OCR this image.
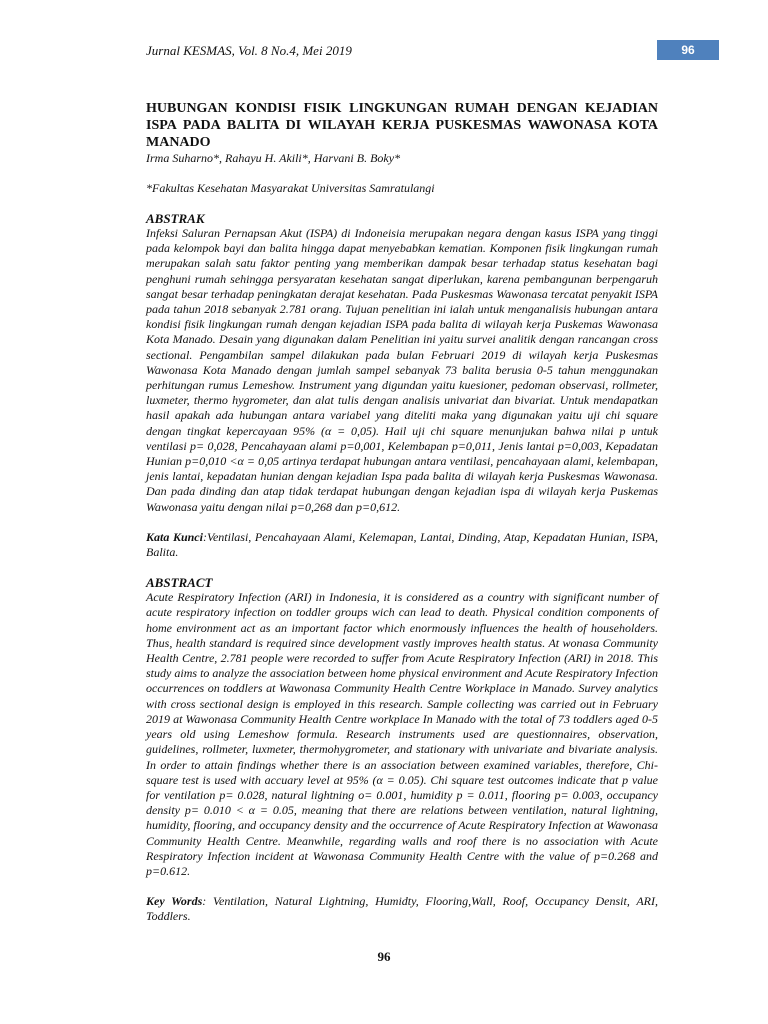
Jurnal KESMAS, Vol. 8 No.4, Mei 2019	96

HUBUNGAN KONDISI FISIK LINGKUNGAN RUMAH DENGAN KEJADIAN ISPA PADA BALITA DI WILAYAH KERJA PUSKESMAS WAWONASA KOTA MANADO

Irma Suharno*, Rahayu H. Akili*, Harvani B. Boky*

*Fakultas Kesehatan Masyarakat Universitas Samratulangi

ABSTRAK

Infeksi Saluran Pernapsan Akut (ISPA) di Indoneisia merupakan negara dengan kasus ISPA yang tinggi pada kelompok bayi dan balita hingga dapat menyebabkan kematian. Komponen fisik lingkungan rumah merupakan salah satu faktor penting yang memberikan dampak besar terhadap status kesehatan bagi penghuni rumah sehingga persyaratan kesehatan sangat diperlukan, karena pembangunan berpengaruh sangat besar terhadap peningkatan derajat kesehatan. Pada Puskesmas Wawonasa tercatat penyakit ISPA pada tahun 2018 sebanyak 2.781 orang. Tujuan penelitian ini ialah untuk menganalisis hubungan antara kondisi fisik lingkungan rumah dengan kejadian ISPA pada balita di wilayah kerja Puskemas Wawonasa Kota Manado. Desain yang digunakan dalam Penelitian ini yaitu survei analitik dengan rancangan cross sectional. Pengambilan sampel dilakukan pada bulan Februari 2019 di wilayah kerja Puskesmas Wawonasa Kota Manado dengan jumlah sampel sebanyak 73 balita berusia 0-5 tahun menggunakan perhitungan rumus Lemeshow. Instrument yang digundan yaitu kuesioner, pedoman observasi, rollmeter, luxmeter, thermo hygrometer, dan alat tulis dengan analisis univariat dan bivariat. Untuk mendapatkan hasil apakah ada hubungan antara variabel yang diteliti maka yang digunakan yaitu uji chi square dengan tingkat kepercayaan 95% (α = 0,05). Hail uji chi square menunjukan bahwa nilai p untuk ventilasi p= 0,028, Pencahayaan alami p=0,001, Kelembapan p=0,011, Jenis lantai p=0,003, Kepadatan Hunian p=0,010 <α = 0,05 artinya terdapat hubungan antara ventilasi, pencahayaan alami, kelembapan, jenis lantai, kepadatan hunian dengan kejadian Ispa pada balita di wilayah kerja Puskesmas Wawonasa. Dan pada dinding dan atap tidak terdapat hubungan dengan kejadian ispa di wilayah kerja Puskemas Wawonasa yaitu dengan nilai p=0,268 dan p=0,612.

Kata Kunci:Ventilasi, Pencahayaan Alami, Kelemapan, Lantai, Dinding, Atap, Kepadatan Hunian, ISPA, Balita.

ABSTRACT

Acute Respiratory Infection (ARI) in Indonesia, it is considered as a country with significant number of acute respiratory infection on toddler groups wich can lead to death. Physical condition components of home environment act as an important factor which enormously influences the health of householders. Thus, health standard is required since development vastly improves health status. At wonasa Community Health Centre, 2.781 people were recorded to suffer from Acute Respiratory Infection (ARI) in 2018. This study aims to analyze the association between home physical environment and Acute Respiratory Infection occurrences on toddlers at Wawonasa Community Health Centre Workplace in Manado. Survey analytics with cross sectional design is employed in this research. Sample collecting was carried out in February 2019 at Wawonasa Community Health Centre workplace In Manado with the total of 73 toddlers aged 0-5 years old using Lemeshow formula. Research instruments used are questionnaires, observation, guidelines, rollmeter, luxmeter, thermohygrometer, and stationary with univariate and bivariate analysis. In order to attain findings whether there is an association between examined variables, therefore, Chi-square test is used with accuary level at 95% (α = 0.05). Chi square test outcomes indicate that p value for ventilation p= 0.028, natural lightning o= 0.001, humidity p = 0.011, flooring p= 0.003, occupancy density p= 0.010 < α = 0.05, meaning that there are relations between ventilation, natural lightning, humidity, flooring, and occupancy density and the occurrence of Acute Respiratory Infection at Wawonasa Community Health Centre. Meanwhile, regarding walls and roof there is no association with Acute Respiratory Infection incident at Wawonasa Community Health Centre with the value of p=0.268 and p=0.612.

Key Words: Ventilation, Natural Lightning, Humidty, Flooring,Wall, Roof, Occupancy Densit, ARI, Toddlers.

96
